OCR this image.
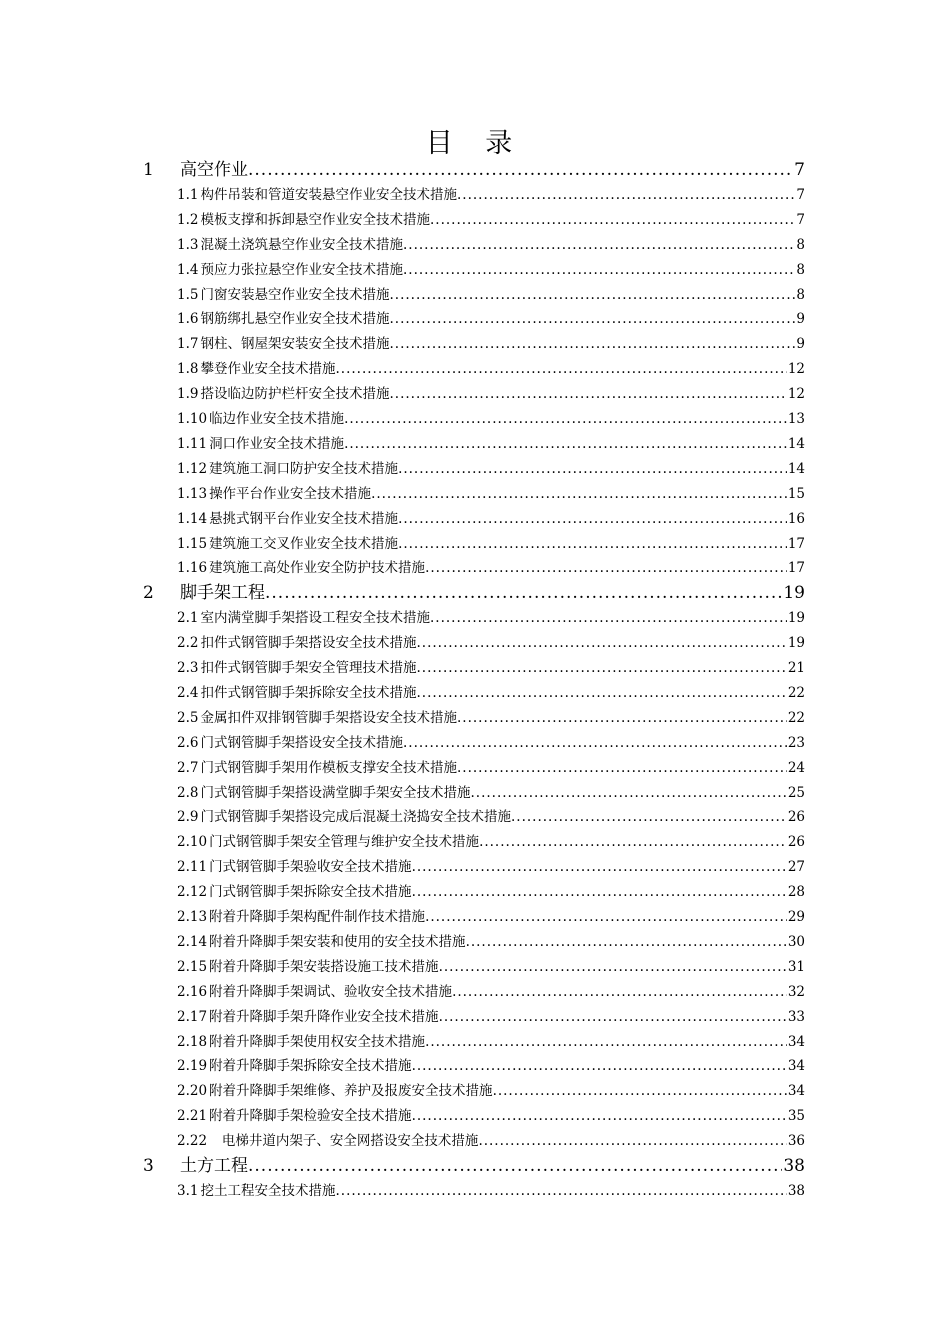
目 录
1	高空作业 .....	7
1.1 构件吊装和管道安装悬空作业安全技术措施 .....	7
1.2 模板支撑和拆卸悬空作业安全技术措施 .....	7
1.3 混凝土浇筑悬空作业安全技术措施 .....	8
1.4 预应力张拉悬空作业安全技术措施 .....	8
1.5 门窗安装悬空作业安全技术措施 .....	8
1.6 钢筋绑扎悬空作业安全技术措施 .....	9
1.7 钢柱、钢屋架安装安全技术措施 .....	9
1.8 攀登作业安全技术措施 .....	12
1.9 搭设临边防护栏杆安全技术措施 .....	12
1.10 临边作业安全技术措施 .....	13
1.11 洞口作业安全技术措施 .....	14
1.12 建筑施工洞口防护安全技术措施 .....	14
1.13 操作平台作业安全技术措施 .....	15
1.14 悬挑式钢平台作业安全技术措施 .....	16
1.15 建筑施工交叉作业安全技术措施 .....	17
1.16 建筑施工高处作业安全防护技术措施 .....	17
2	脚手架工程 .....	19
2.1 室内满堂脚手架搭设工程安全技术措施 .....	19
2.2 扣件式钢管脚手架搭设安全技术措施 .....	19
2.3 扣件式钢管脚手架安全管理技术措施 .....	21
2.4 扣件式钢管脚手架拆除安全技术措施 .....	22
2.5 金属扣件双排钢管脚手架搭设安全技术措施 .....	22
2.6 门式钢管脚手架搭设安全技术措施 .....	23
2.7 门式钢管脚手架用作模板支撑安全技术措施 .....	24
2.8 门式钢管脚手架搭设满堂脚手架安全技术措施 .....	25
2.9 门式钢管脚手架搭设完成后混凝土浇捣安全技术措施 .....	26
2.10 门式钢管脚手架安全管理与维护安全技术措施 .....	26
2.11 门式钢管脚手架验收安全技术措施 .....	27
2.12 门式钢管脚手架拆除安全技术措施 .....	28
2.13 附着升降脚手架构配件制作技术措施 .....	29
2.14 附着升降脚手架安装和使用的安全技术措施 .....	30
2.15 附着升降脚手架安装搭设施工技术措施 .....	31
2.16 附着升降脚手架调试、验收安全技术措施 .....	32
2.17 附着升降脚手架升降作业安全技术措施 .....	33
2.18 附着升降脚手架使用权安全技术措施 .....	34
2.19 附着升降脚手架拆除安全技术措施 .....	34
2.20 附着升降脚手架维修、养护及报废安全技术措施 .....	34
2.21 附着升降脚手架检验安全技术措施 .....	35
2.22 电梯井道内架子、安全网搭设安全技术措施 .....	36
3	土方工程 .....	38
3.1 挖土工程安全技术措施 .....	38
